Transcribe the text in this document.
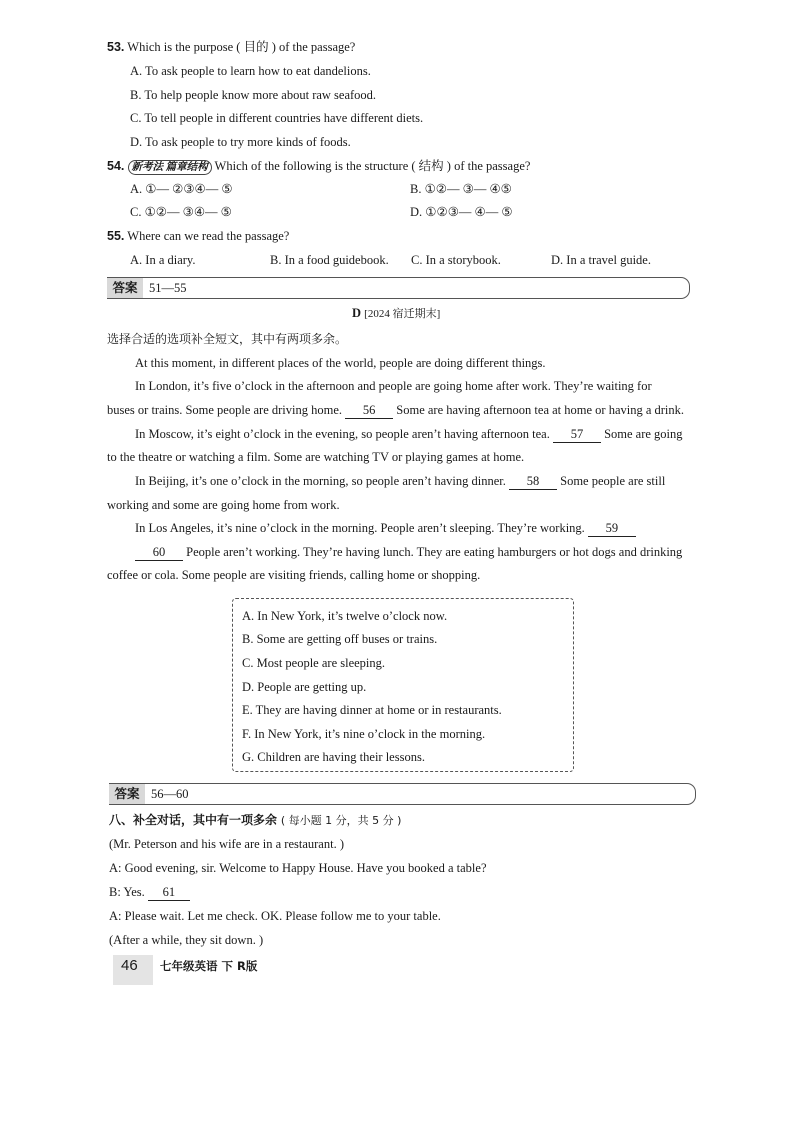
53. Which is the purpose ( 目的 ) of the passage?
A. To ask people to learn how to eat dandelions.
B. To help people know more about raw seafood.
C. To tell people in different countries have different diets.
D. To ask people to try more kinds of foods.
54. 新考法 篇章结构 Which of the following is the structure ( 结构 ) of the passage?
A. ①— ②③④— ⑤	B. ①②— ③— ④⑤
C. ①②— ③④— ⑤	D. ①②③— ④— ⑤
55. Where can we read the passage?
A. In a diary.	B. In a food guidebook. C. In a storybook.	D. In a travel guide.
答案 51—55
D [2024 宿迁期末]
选择合适的选项补全短文，其中有两项多余。
At this moment, in different places of the world, people are doing different things.
In London, it’s five o’clock in the afternoon and people are going home after work. They’re waiting for
buses or trains. Some people are driving home. 56 Some are having afternoon tea at home or having a drink.
In Moscow, it’s eight o’clock in the evening, so people aren’t having afternoon tea. 57 Some are going
to the theatre or watching a film. Some are watching TV or playing games at home.
In Beijing, it’s one o’clock in the morning, so people aren’t having dinner. 58 Some people are still
working and some are going home from work.
In Los Angeles, it’s nine o’clock in the morning. People aren’t sleeping. They’re working. 59
60 People aren’t working. They’re having lunch. They are eating hamburgers or hot dogs and drinking
coffee or cola. Some people are visiting friends, calling home or shopping.
A. In New York, it’s twelve o’clock now.
B. Some are getting off buses or trains.
C. Most people are sleeping.
D. People are getting up.
E. They are having dinner at home or in restaurants.
F. In New York, it’s nine o’clock in the morning.
G. Children are having their lessons.
答案 56—60
八、补全对话，其中有一项多余 ( 每小题 1 分，共 5 分 )
(Mr. Peterson and his wife are in a restaurant. )
A: Good evening, sir. Welcome to Happy House. Have you booked a table?
B: Yes. 61
A: Please wait. Let me check. OK. Please follow me to your table.
(After a while, they sit down. )
46	七年级英语 下 R版
